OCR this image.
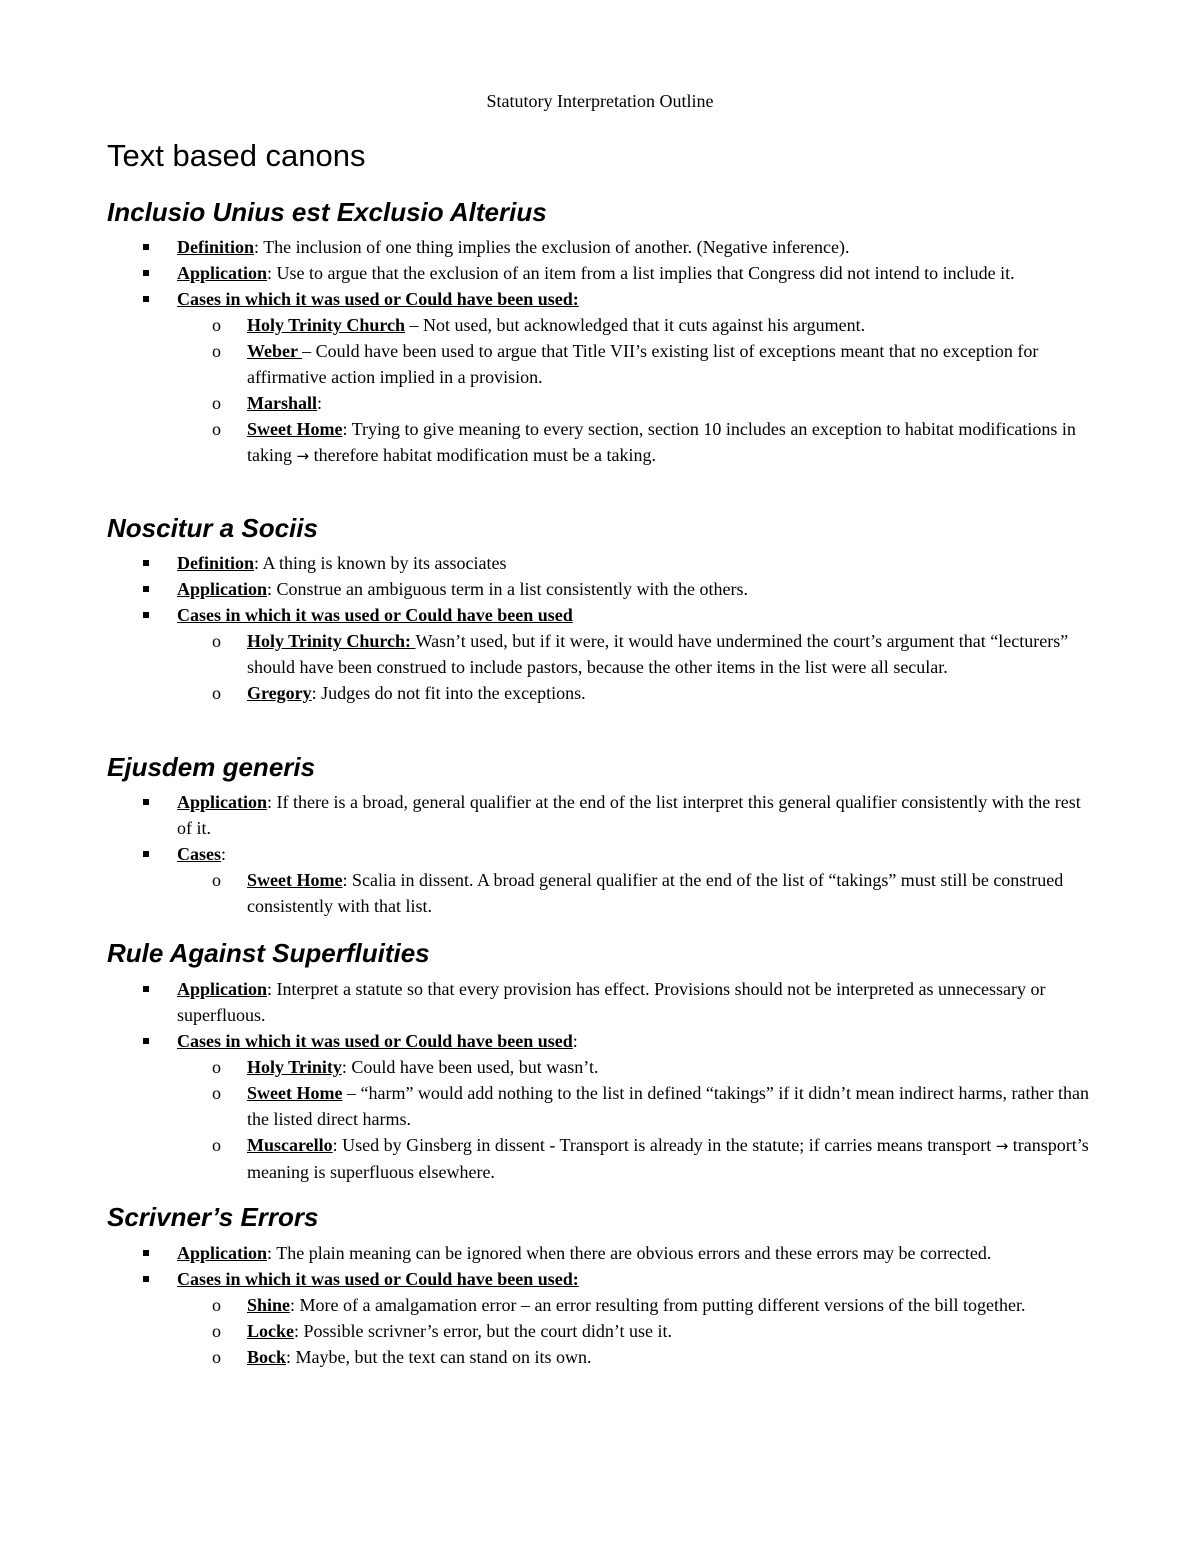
Statutory Interpretation Outline
Text based canons
Inclusio Unius est Exclusio Alterius
Definition: The inclusion of one thing implies the exclusion of another. (Negative inference).
Application: Use to argue that the exclusion of an item from a list implies that Congress did not intend to include it.
Cases in which it was used or Could have been used:
o Holy Trinity Church – Not used, but acknowledged that it cuts against his argument.
o Weber – Could have been used to argue that Title VII’s existing list of exceptions meant that no exception for affirmative action implied in a provision.
o Marshall:
o Sweet Home: Trying to give meaning to every section, section 10 includes an exception to habitat modifications in taking → therefore habitat modification must be a taking.
Noscitur a Sociis
Definition: A thing is known by its associates
Application: Construe an ambiguous term in a list consistently with the others.
Cases in which it was used or Could have been used
o Holy Trinity Church: Wasn’t used, but if it were, it would have undermined the court’s argument that “lecturers” should have been construed to include pastors, because the other items in the list were all secular.
o Gregory: Judges do not fit into the exceptions.
Ejusdem generis
Application: If there is a broad, general qualifier at the end of the list interpret this general qualifier consistently with the rest of it.
Cases:
o Sweet Home: Scalia in dissent. A broad general qualifier at the end of the list of “takings” must still be construed consistently with that list.
Rule Against Superfluities
Application: Interpret a statute so that every provision has effect. Provisions should not be interpreted as unnecessary or superfluous.
Cases in which it was used or Could have been used:
o Holy Trinity: Could have been used, but wasn’t.
o Sweet Home – “harm” would add nothing to the list in defined “takings” if it didn’t mean indirect harms, rather than the listed direct harms.
o Muscarello: Used by Ginsberg in dissent - Transport is already in the statute; if carries means transport → transport’s meaning is superfluous elsewhere.
Scrivner’s Errors
Application: The plain meaning can be ignored when there are obvious errors and these errors may be corrected.
Cases in which it was used or Could have been used:
o Shine: More of a amalgamation error – an error resulting from putting different versions of the bill together.
o Locke: Possible scrivner’s error, but the court didn’t use it.
o Bock: Maybe, but the text can stand on its own.
